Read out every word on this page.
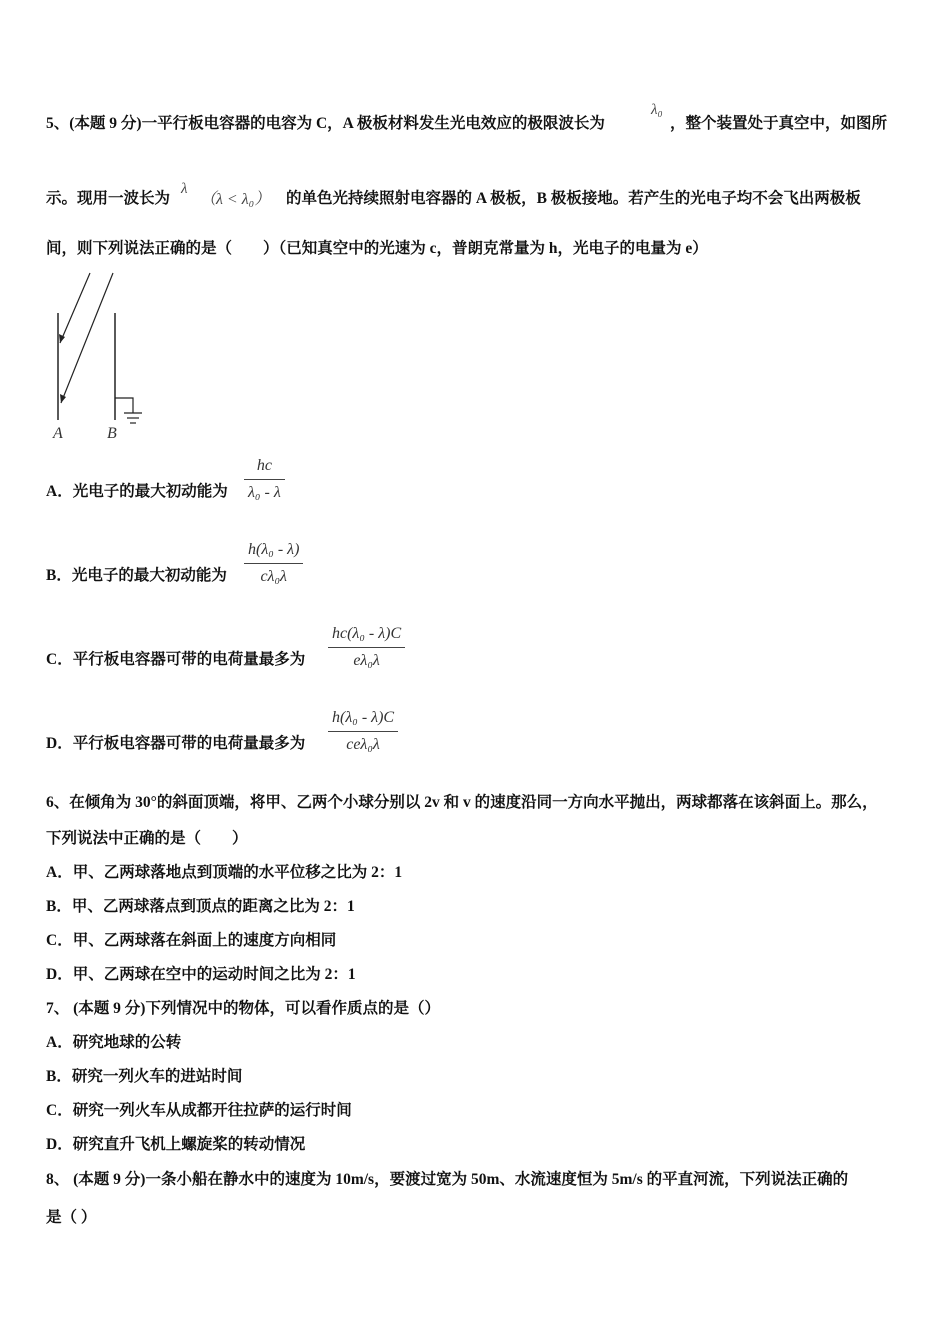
5、(本题 9 分)一平行板电容器的电容为 C，A 极板材料发生光电效应的极限波长为
λ₀
，整个装置处于真空中，如图所
示。现用一波长为
λ
（λ < λ₀） 的单色光持续照射电容器的 A 极板，B 极板接地。若产生的光电子均不会飞出两极板
间，则下列说法正确的是（　　）（已知真空中的光速为 c，普朗克常量为 h，光电子的电量为 e）
A	B
A．光电子的最大初动能为 $\frac{hc}{\text{λ₀ - λ}}$
B．光电子的最大初动能为 $\frac{\text{h(λ₀ - λ)}}{\text{cλ₀λ}}$
C．平行板电容器可带的电荷量最多为 $\frac{\text{hc(λ₀ - λ)C}}{\text{eλ₀λ}}$
D．平行板电容器可带的电荷量最多为
h(λ₀ - λ)C
ceλ₀λ
6、在倾角为 30°的斜面顶端，将甲、乙两个小球分别以 2v 和 v 的速度沿同一方向水平抛出，两球都落在该斜面上。那么，
下列说法中正确的是（　　）
A．甲、乙两球落地点到顶端的水平位移之比为 2：1
B．甲、乙两球落点到顶点的距离之比为 2：1
C．甲、乙两球落在斜面上的速度方向相同
D．甲、乙两球在空中的运动时间之比为 2：1
7、 (本题 9 分)下列情况中的物体，可以看作质点的是（）
A．研究地球的公转
B．研究一列火车的进站时间
C．研究一列火车从成都开往拉萨的运行时间
D．研究直升飞机上螺旋桨的转动情况
8、 (本题 9 分)一条小船在静水中的速度为 10m/s，要渡过宽为 50m、水流速度恒为 5m/s 的平直河流，下列说法正确的
是（ ）
